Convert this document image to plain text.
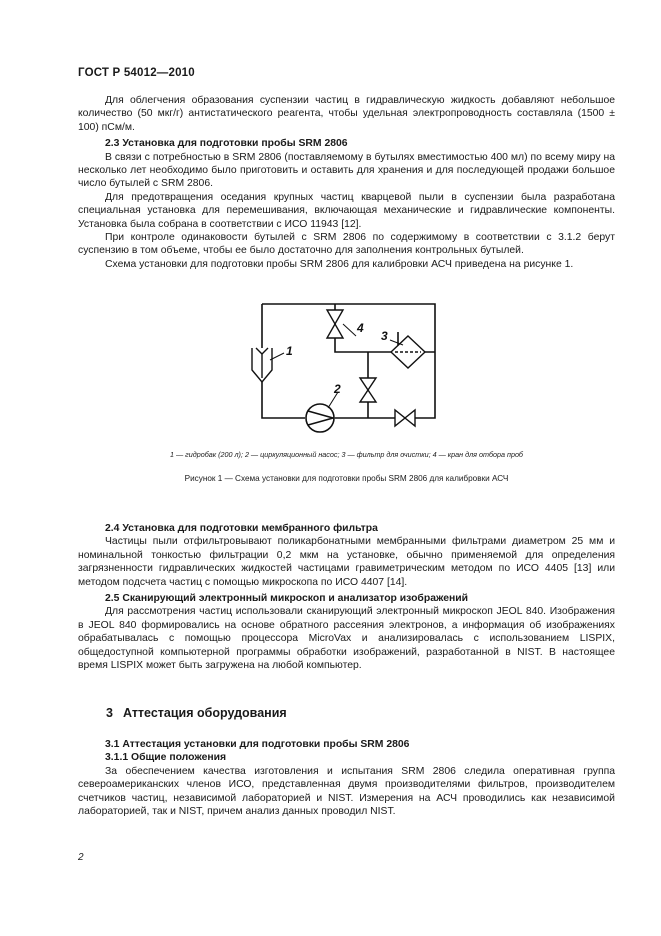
ГОСТ Р 54012—2010

Для облегчения образования суспензии частиц в гидравлическую жидкость добавляют небольшое количество (50 мкг/г) антистатического реагента, чтобы удельная электропроводность составляла (1500 ± 100) пСм/м.

2.3 Установка для подготовки пробы SRM 2806

В связи с потребностью в SRM 2806 (поставляемому в бутылях вместимостью 400 мл) по всему миру на несколько лет необходимо было приготовить и оставить для хранения и для последующей продажи большое число бутылей с SRM 2806.

Для предотвращения оседания крупных частиц кварцевой пыли в суспензии была разработана специальная установка для перемешивания, включающая механические и гидравлические компоненты. Установка была собрана в соответствии с ИСО 11943 [12].

При контроле одинаковости бутылей с SRM 2806 по содержимому в соответствии с 3.1.2 берут суспензию в том объеме, чтобы ее было достаточно для заполнения контрольных бутылей.

Схема установки для подготовки пробы SRM 2806 для калибровки АСЧ приведена на рисунке 1.

1
2
3
4
1 — гидробак (200 л); 2 — циркуляционный насос; 3 — фильтр для очистки; 4 — кран для отбора проб
Рисунок 1 — Схема установки для подготовки пробы SRM 2806 для калибровки АСЧ

2.4 Установка для подготовки мембранного фильтра

Частицы пыли отфильтровывают поликарбонатными мембранными фильтрами диаметром 25 мм и номинальной тонкостью фильтрации 0,2 мкм на установке, обычно применяемой для определения загрязненности гидравлических жидкостей частицами гравиметрическим методом по ИСО 4405 [13] или методом подсчета частиц с помощью микроскопа по ИСО 4407 [14].

2.5 Сканирующий электронный микроскоп и анализатор изображений

Для рассмотрения частиц использовали сканирующий электронный микроскоп JEOL 840. Изображения в JEOL 840 формировались на основе обратного рассеяния электронов, а информация об изображениях обрабатывалась с помощью процессора MicroVax и анализировалась с использованием LISPIX, общедоступной компьютерной программы обработки изображений, разработанной в NIST. В настоящее время LISPIX может быть загружена на любой компьютер.

3 Аттестация оборудования

3.1 Аттестация установки для подготовки пробы SRM 2806

3.1.1 Общие положения

За обеспечением качества изготовления и испытания SRM 2806 следила оперативная группа североамериканских членов ИСО, представленная двумя производителями фильтров, производителем счетчиков частиц, независимой лабораторией и NIST. Измерения на АСЧ проводились как независимой лабораторией, так и NIST, причем анализ данных проводил NIST.

2
